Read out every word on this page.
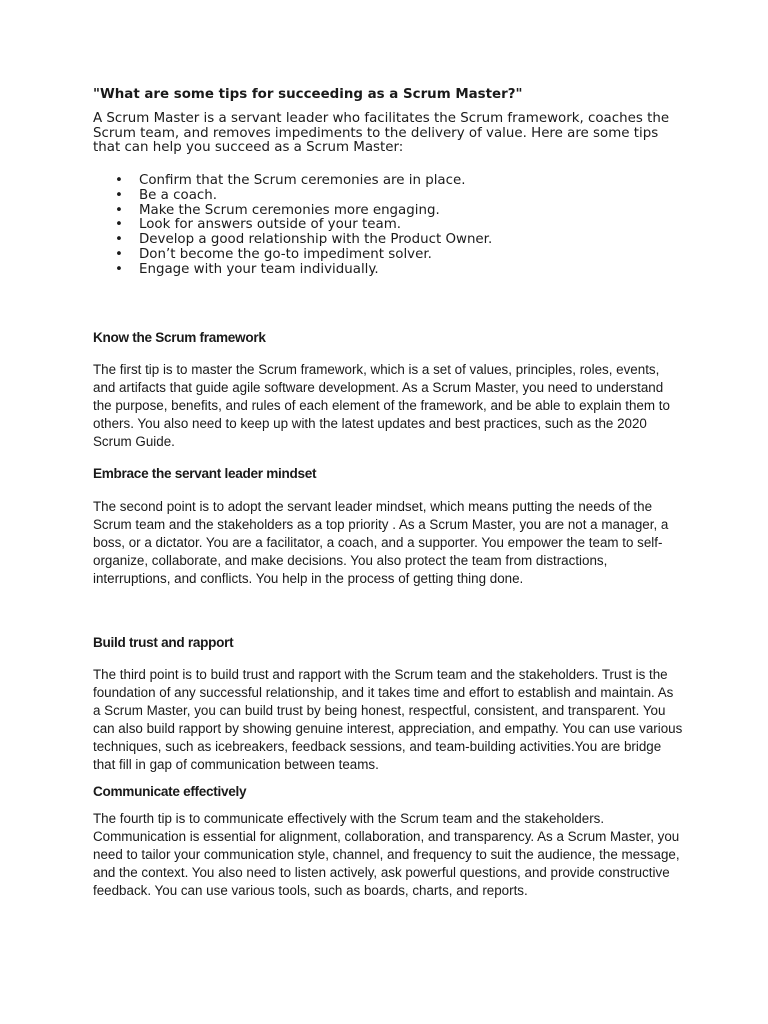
"What are some tips for succeeding as a Scrum Master?"

A Scrum Master is a servant leader who facilitates the Scrum framework, coaches the Scrum team, and removes impediments to the delivery of value. Here are some tips that can help you succeed as a Scrum Master:

• Confirm that the Scrum ceremonies are in place.
• Be a coach.
• Make the Scrum ceremonies more engaging.
• Look for answers outside of your team.
• Develop a good relationship with the Product Owner.
• Don’t become the go-to impediment solver.
• Engage with your team individually.
Know the Scrum framework

The first tip is to master the Scrum framework, which is a set of values, principles, roles, events, and artifacts that guide agile software development. As a Scrum Master, you need to understand the purpose, benefits, and rules of each element of the framework, and be able to explain them to others. You also need to keep up with the latest updates and best practices, such as the 2020 Scrum Guide.

Embrace the servant leader mindset

The second point is to adopt the servant leader mindset, which means putting the needs of the Scrum team and the stakeholders as a top priority . As a Scrum Master, you are not a manager, a boss, or a dictator. You are a facilitator, a coach, and a supporter. You empower the team to self-organize, collaborate, and make decisions. You also protect the team from distractions, interruptions, and conflicts. You help in the process of getting thing done.

Build trust and rapport

The third point is to build trust and rapport with the Scrum team and the stakeholders. Trust is the foundation of any successful relationship, and it takes time and effort to establish and maintain. As a Scrum Master, you can build trust by being honest, respectful, consistent, and transparent. You can also build rapport by showing genuine interest, appreciation, and empathy. You can use various techniques, such as icebreakers, feedback sessions, and team-building activities.You are bridge that fill in gap of communication between teams.

Communicate effectively

The fourth tip is to communicate effectively with the Scrum team and the stakeholders. Communication is essential for alignment, collaboration, and transparency. As a Scrum Master, you need to tailor your communication style, channel, and frequency to suit the audience, the message, and the context. You also need to listen actively, ask powerful questions, and provide constructive feedback. You can use various tools, such as boards, charts, and reports.
